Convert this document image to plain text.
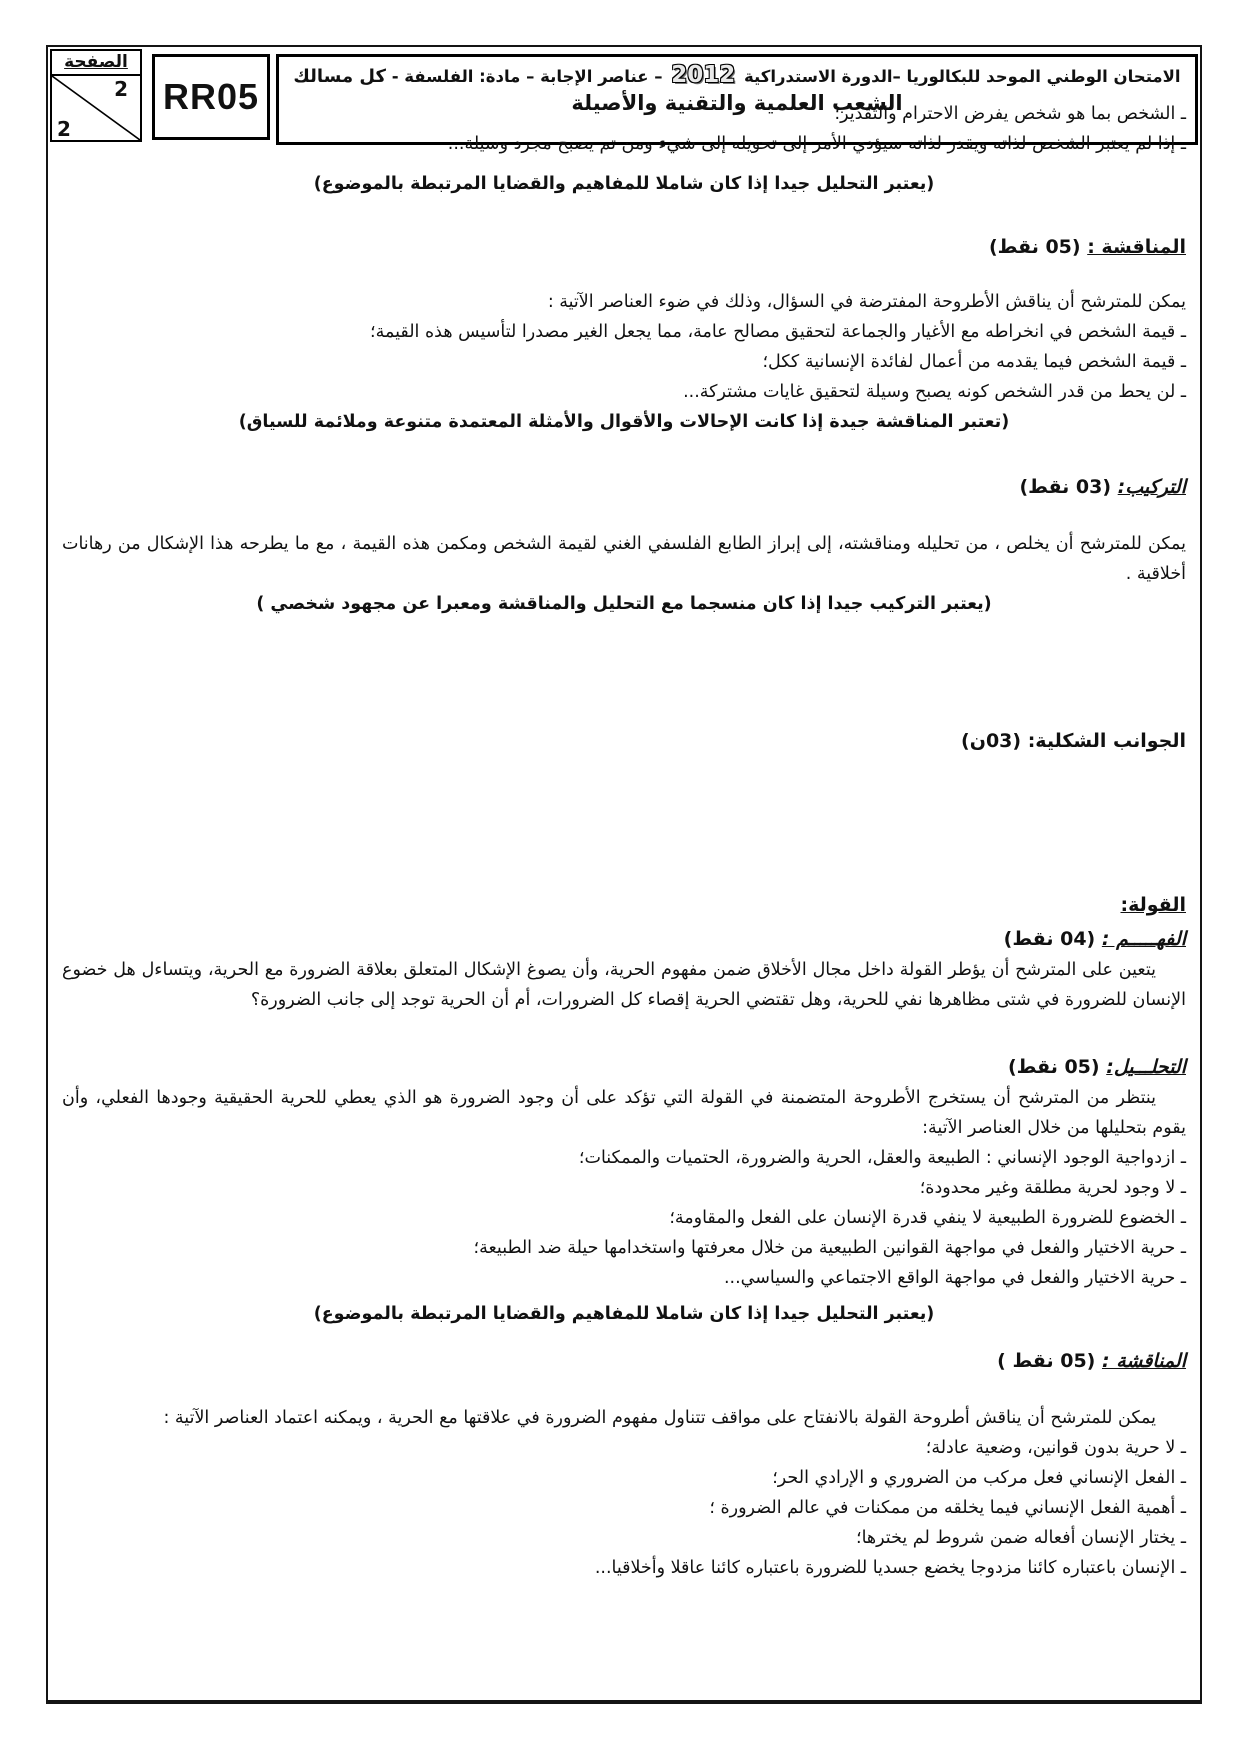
الصفحة
2
2
RR05	الامتحان الوطني الموحد للبكالوريا –الدورة الاستدراكية 2012 – عناصر الإجابة – مادة: الفلسفة - كل مسالك
الشعب العلمية والتقنية والأصيلة
ـ الشخص بما هو شخص يفرض الاحترام والتقدير؛
ـ إذا لم يعتبر الشخص لذاته ويقدر لذاته سيؤدي الأمر إلى تحويله إلى شيء ومن تم يصبح مجرد وسيلة...
(يعتبر التحليل جيدا إذا كان شاملا للمفاهيم والقضايا المرتبطة بالموضوع)
المناقشة : (05 نقط)
يمكن للمترشح أن يناقش الأطروحة المفترضة في السؤال، وذلك في ضوء العناصر الآتية :
ـ قيمة الشخص في انخراطه مع الأغيار والجماعة لتحقيق مصالح عامة، مما يجعل الغير مصدرا لتأسيس هذه القيمة؛
ـ قيمة الشخص فيما يقدمه من أعمال لفائدة الإنسانية ككل؛
ـ لن يحط من قدر الشخص كونه يصبح وسيلة لتحقيق غايات مشتركة...
(تعتبر المناقشة جيدة إذا كانت الإحالات والأقوال والأمثلة المعتمدة متنوعة وملائمة للسياق)
التركيب: (03 نقط)
يمكن للمترشح أن يخلص ، من تحليله ومناقشته، إلى إبراز الطابع الفلسفي الغني لقيمة الشخص ومكمن هذه القيمة ، مع ما يطرحه هذا الإشكال من رهانات أخلاقية .
(يعتبر التركيب جيدا إذا كان منسجما مع التحليل والمناقشة ومعبرا عن مجهود شخصي )
الجوانب الشكلية: (03ن)
القولة:
الفهـــــم : (04 نقط)
يتعين على المترشح أن يؤطر القولة داخل مجال الأخلاق ضمن مفهوم الحرية، وأن يصوغ الإشكال المتعلق بعلاقة الضرورة مع الحرية، ويتساءل هل خضوع الإنسان للضرورة في شتى مظاهرها نفي للحرية، وهل تقتضي الحرية إقصاء كل الضرورات، أم أن الحرية توجد إلى جانب الضرورة؟
التحلـــيل: (05 نقط)
ينتظر من المترشح أن يستخرج الأطروحة المتضمنة في القولة التي تؤكد على أن وجود الضرورة هو الذي يعطي للحرية الحقيقية وجودها الفعلي، وأن يقوم بتحليلها من خلال العناصر الآتية:
ـ ازدواجية الوجود الإنساني : الطبيعة والعقل، الحرية والضرورة، الحتميات والممكنات؛
ـ لا وجود لحرية مطلقة وغير محدودة؛
ـ الخضوع للضرورة الطبيعية لا ينفي قدرة الإنسان على الفعل والمقاومة؛
ـ حرية الاختيار والفعل في مواجهة القوانين الطبيعية من خلال معرفتها واستخدامها حيلة ضد الطبيعة؛
ـ حرية الاختيار والفعل في مواجهة الواقع الاجتماعي والسياسي...
(يعتبر التحليل جيدا إذا كان شاملا للمفاهيم والقضايا المرتبطة بالموضوع)
المناقشة : (05 نقط )
يمكن للمترشح أن يناقش أطروحة القولة بالانفتاح على مواقف تتناول مفهوم الضرورة في علاقتها مع الحرية ، ويمكنه اعتماد العناصر الآتية :
ـ لا حرية بدون قوانين، وضعية عادلة؛
ـ الفعل الإنساني فعل مركب من الضروري و الإرادي الحر؛
ـ أهمية الفعل الإنساني فيما يخلقه من ممكنات في عالم الضرورة ؛
ـ يختار الإنسان أفعاله ضمن شروط لم يخترها؛
ـ الإنسان باعتباره كائنا مزدوجا يخضع جسديا للضرورة باعتباره كائنا عاقلا وأخلاقيا...
